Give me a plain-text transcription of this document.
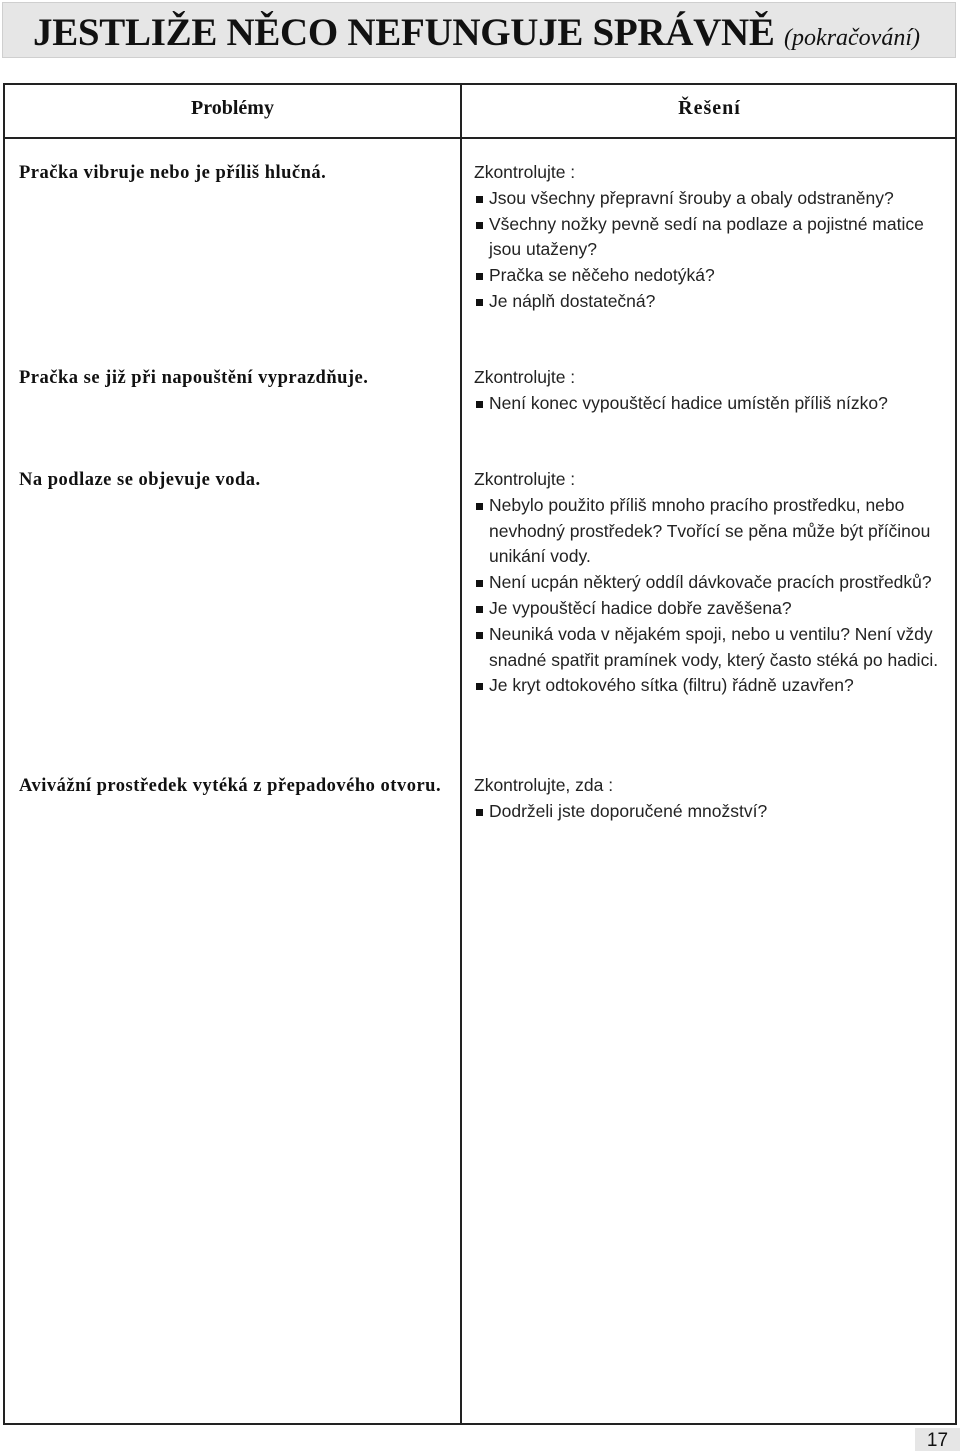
JESTLIŽE NĚCO NEFUNGUJE SPRÁVNĚ (pokračování)
Problémy	Řešení
Pračka vibruje nebo je příliš hlučná.	Zkontrolujte :
Jsou všechny přepravní šrouby a obaly odstraněny?
Všechny nožky pevně sedí na podlaze a pojistné matice jsou utaženy?
Pračka se něčeho nedotýká?
Je náplň dostatečná?
Pračka se již při napouštění vyprazdňuje.	Zkontrolujte :
Není konec vypouštěcí hadice umístěn příliš nízko?
Na podlaze se objevuje voda.	Zkontrolujte :
Nebylo použito příliš mnoho pracího prostředku, nebo nevhodný prostředek? Tvořící se pěna může být příčinou unikání vody.
Není ucpán některý oddíl dávkovače pracích prostředků?
Je vypouštěcí hadice dobře zavěšena?
Neuniká voda v nějakém spoji, nebo u ventilu? Není vždy snadné spatřit pramínek vody, který často stéká po hadici.
Je kryt odtokového sítka (filtru) řádně uzavřen?
Avivážní prostředek vytéká z přepadového otvoru.	Zkontrolujte, zda :
Dodrželi jste doporučené množství?
17
